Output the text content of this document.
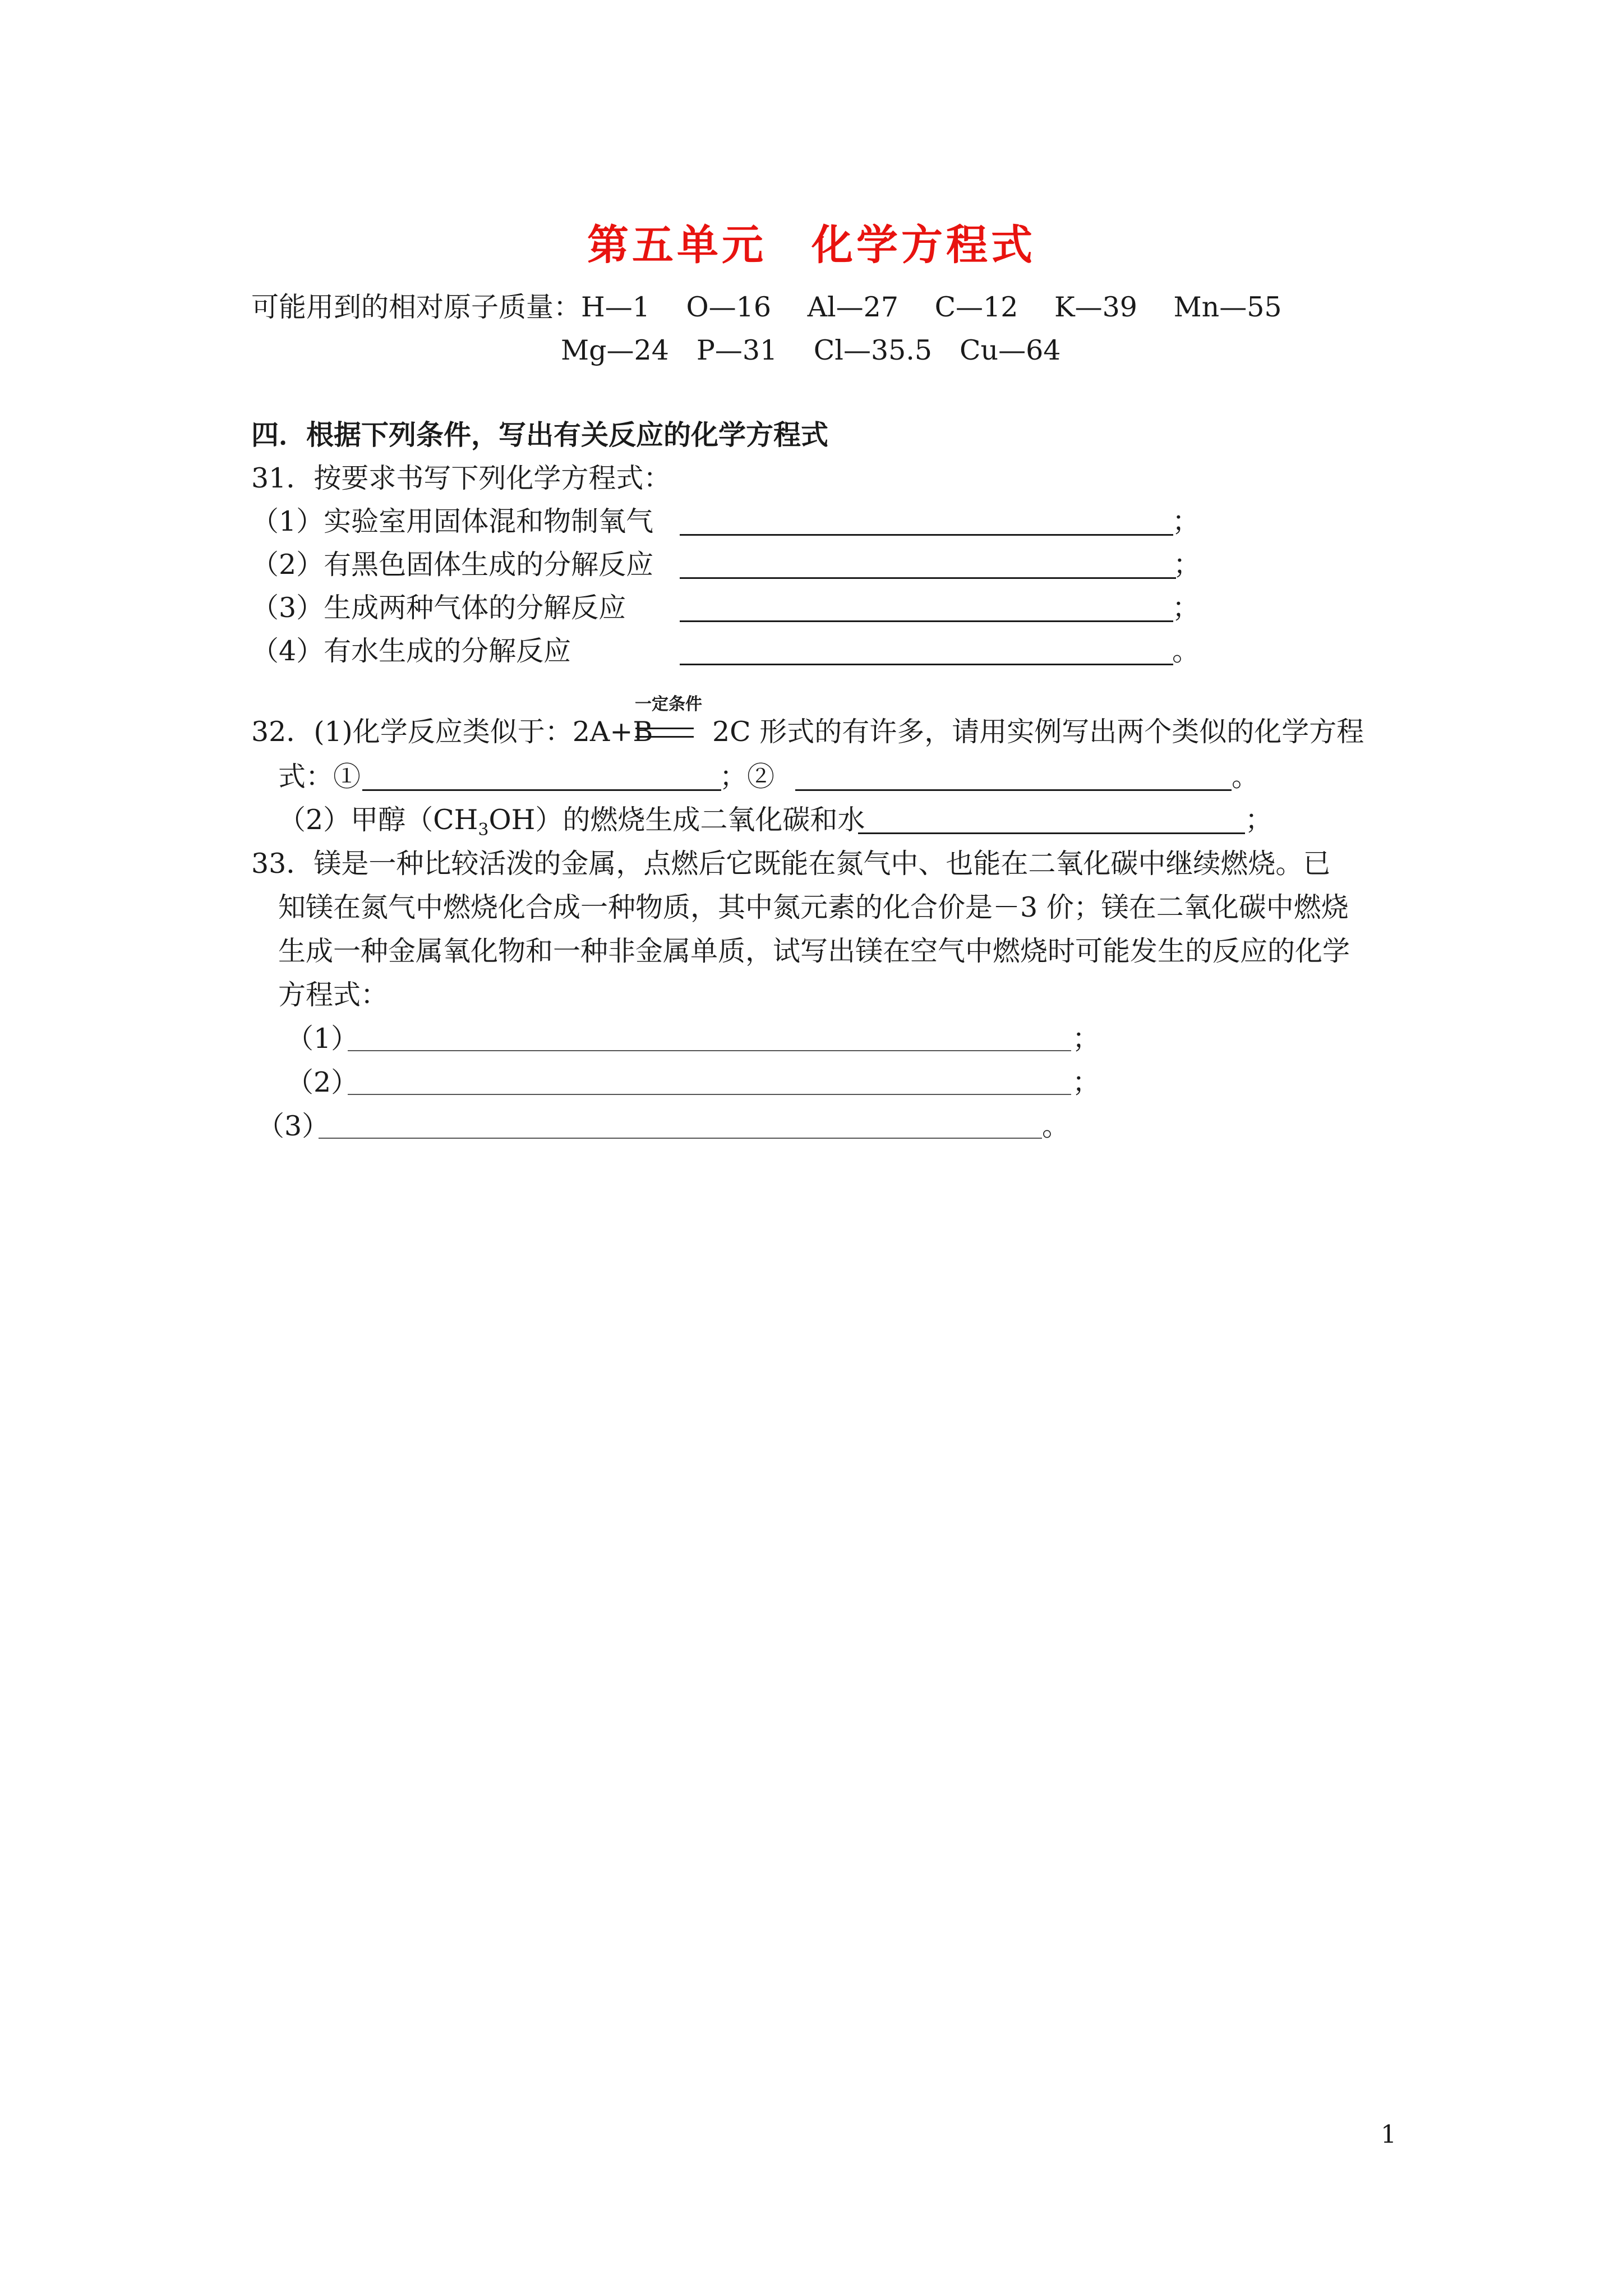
第五单元　化学方程式
可能用到的相对原子质量：H—1　 O—16　 Al—27　 C—12　 K—39　 Mn—55
Mg—24　P—31　 Cl—35.5　Cu—64
四．根据下列条件，写出有关反应的化学方程式
31．按要求书写下列化学方程式：
（1）实验室用固体混和物制氧气	；
（2）有黑色固体生成的分解反应	；
（3）生成两种气体的分解反应	；
（4）有水生成的分解反应	。
一定条件
32．(1)化学反应类似于：2A+B 2C 形式的有许多，请用实例写出两个类似的化学方程
式：①	；②	。
（2）甲醇$(CH_3OH)$的燃烧生成二氧化碳和水	；
33．镁是一种比较活泼的金属，点燃后它既能在氮气中、也能在二氧化碳中继续燃烧。已
知镁在氮气中燃烧化合成一种物质，其中氮元素的化合价是－3 价；镁在二氧化碳中燃烧
生成一种金属氧化物和一种非金属单质，试写出镁在空气中燃烧时可能发生的反应的化学
方程式：
（1）	；
（2）	；
（3）	。
1
